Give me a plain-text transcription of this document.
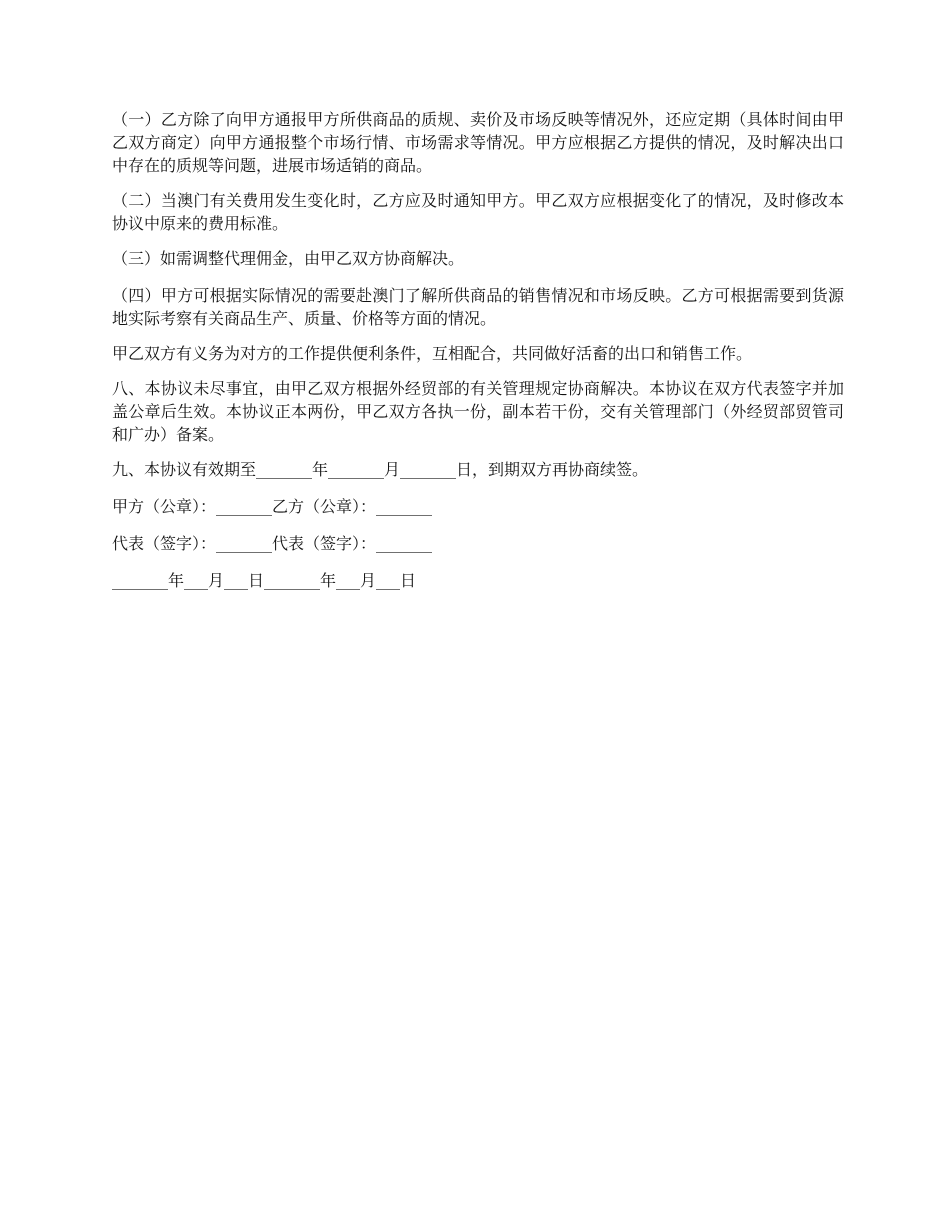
（一）乙方除了向甲方通报甲方所供商品的质规、卖价及市场反映等情况外，还应定期（具体时间由甲乙双方商定）向甲方通报整个市场行情、市场需求等情况。甲方应根据乙方提供的情况，及时解决出口中存在的质规等问题，进展市场适销的商品。

（二）当澳门有关费用发生变化时，乙方应及时通知甲方。甲乙双方应根据变化了的情况，及时修改本协议中原来的费用标准。

（三）如需调整代理佣金，由甲乙双方协商解决。

（四）甲方可根据实际情况的需要赴澳门了解所供商品的销售情况和市场反映。乙方可根据需要到货源地实际考察有关商品生产、质量、价格等方面的情况。

甲乙双方有义务为对方的工作提供便利条件，互相配合，共同做好活畜的出口和销售工作。

八、本协议未尽事宜，由甲乙双方根据外经贸部的有关管理规定协商解决。本协议在双方代表签字并加盖公章后生效。本协议正本两份，甲乙双方各执一份，副本若干份，交有关管理部门（外经贸部贸管司和广办）备案。

九、本协议有效期至_______年_______月_______日，到期双方再协商续签。

甲方（公章）：_______乙方（公章）：_______

代表（签字）：_______代表（签字）：_______

_______年___月___日_______年___月___日
